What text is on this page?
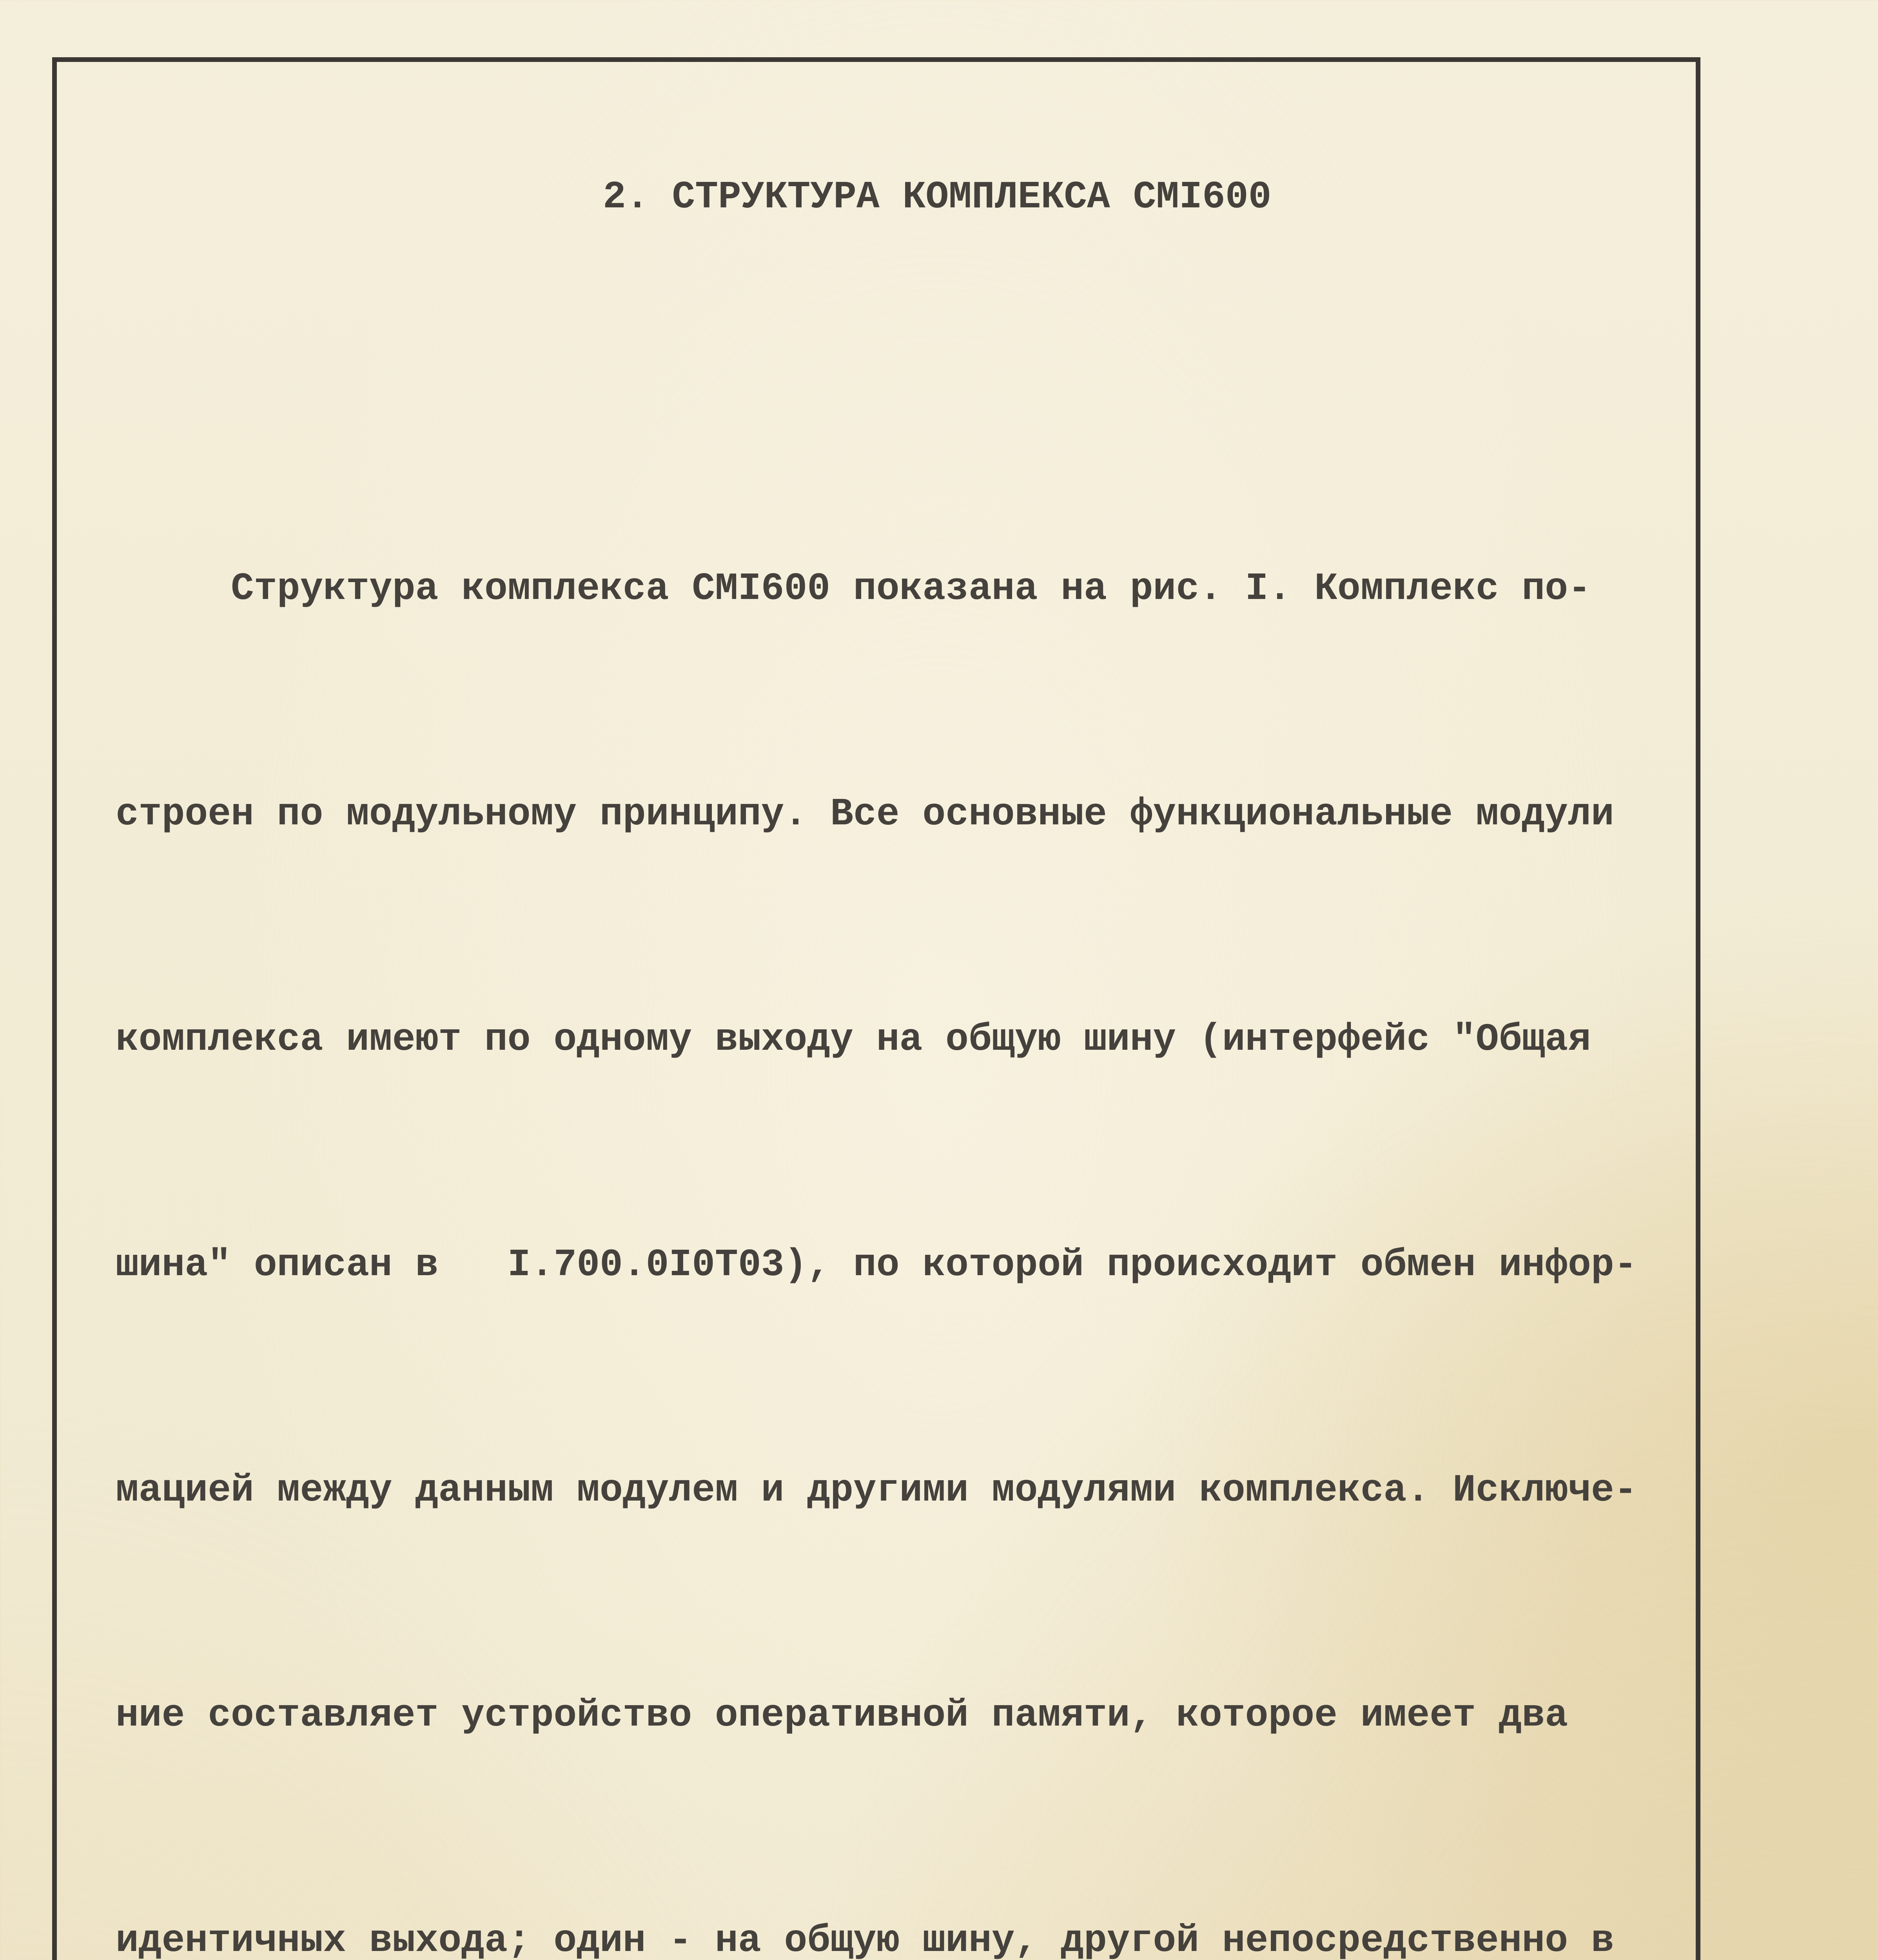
2. СТРУКТУРА КОМПЛЕКСА СМI600

Структура комплекса СМI600 показана на рис. I. Комплекс по-

строен по модульному принципу. Все основные функциональные модули

комплекса имеют по одному выходу на общую шину (интерфейс "Общая

шина" описан в   I.700.0I0Т03), по которой происходит обмен инфор-

мацией между данным модулем и другими модулями комплекса. Исключе-

ние составляет устройство оперативной памяти, которое имеет два

идентичных выхода; один - на общую шину, другой непосредственно в
